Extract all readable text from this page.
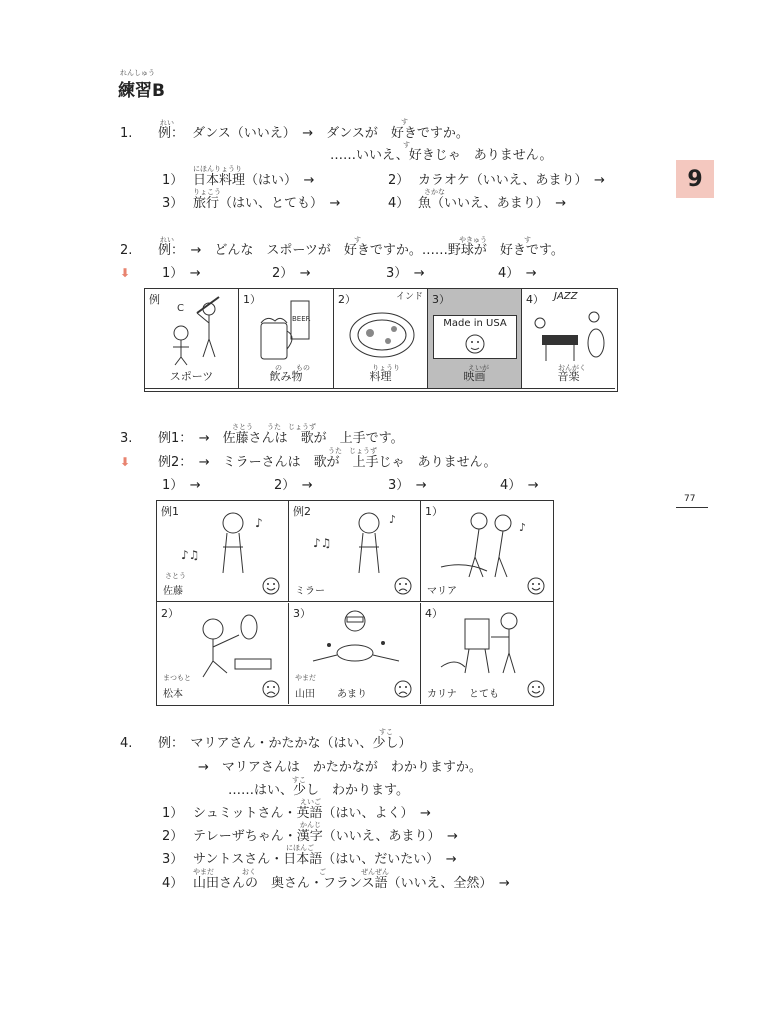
れんしゅう
練習B
9
77
1.
れい
例：
す
ダンス（いいえ）　→　ダンスが　好きですか。
す
……いいえ、好きじゃ　ありません。
1）
にほんりょうり
日本料理（はい）　→	2） カラオケ（いいえ、あまり）　→
3）
りょこう
旅行（はい、とても）　→	4）
さかな
魚（いいえ、あまり）　→
2.
れい	す	やきゅう	す
例：　→　どんな　スポーツが　好きですか。……野球が　好きです。
⬇ 1）　→	2）　→	3）　→	4）　→
例
C
スポーツ
1）
BEER
の　　もの
飲み物
2）	インド
りょうり
料理
3）
Made in USA
えいが
映画
4） JAZZ
おんがく
音楽
3.
さとう　　うた　じょうず
例1：　→　佐藤さんは　歌が　上手です。
⬇
うた　じょうず
例2：　→　ミラーさんは　歌が　上手じゃ　ありません。
1）　→	2）　→	3）　→	4）　→
例1
♪♫
♪
さとう
佐藤
例2
♪♫
♪
ミラー
1）
♪
マリア
2）
まつもと
松本
3）
やまだ
山田 あまり
4）
カリナ とても
4.
すこ
例：　マリアさん・かたかな（はい、少し）
→　マリアさんは　かたかなが　わかりますか。
すこ
……はい、少し　わかります。
1）
えいご
シュミットさん・英語（はい、よく）　→
2）
かんじ
テレーザちゃん・漢字（いいえ、あまり）　→
3）
にほんご
サントスさん・日本語（はい、だいたい）　→
4）
やまだ　　　　おく　　　　　　　　　ご　　　　　ぜんぜん
山田さんの　奥さん・フランス語（いいえ、全然）　→
